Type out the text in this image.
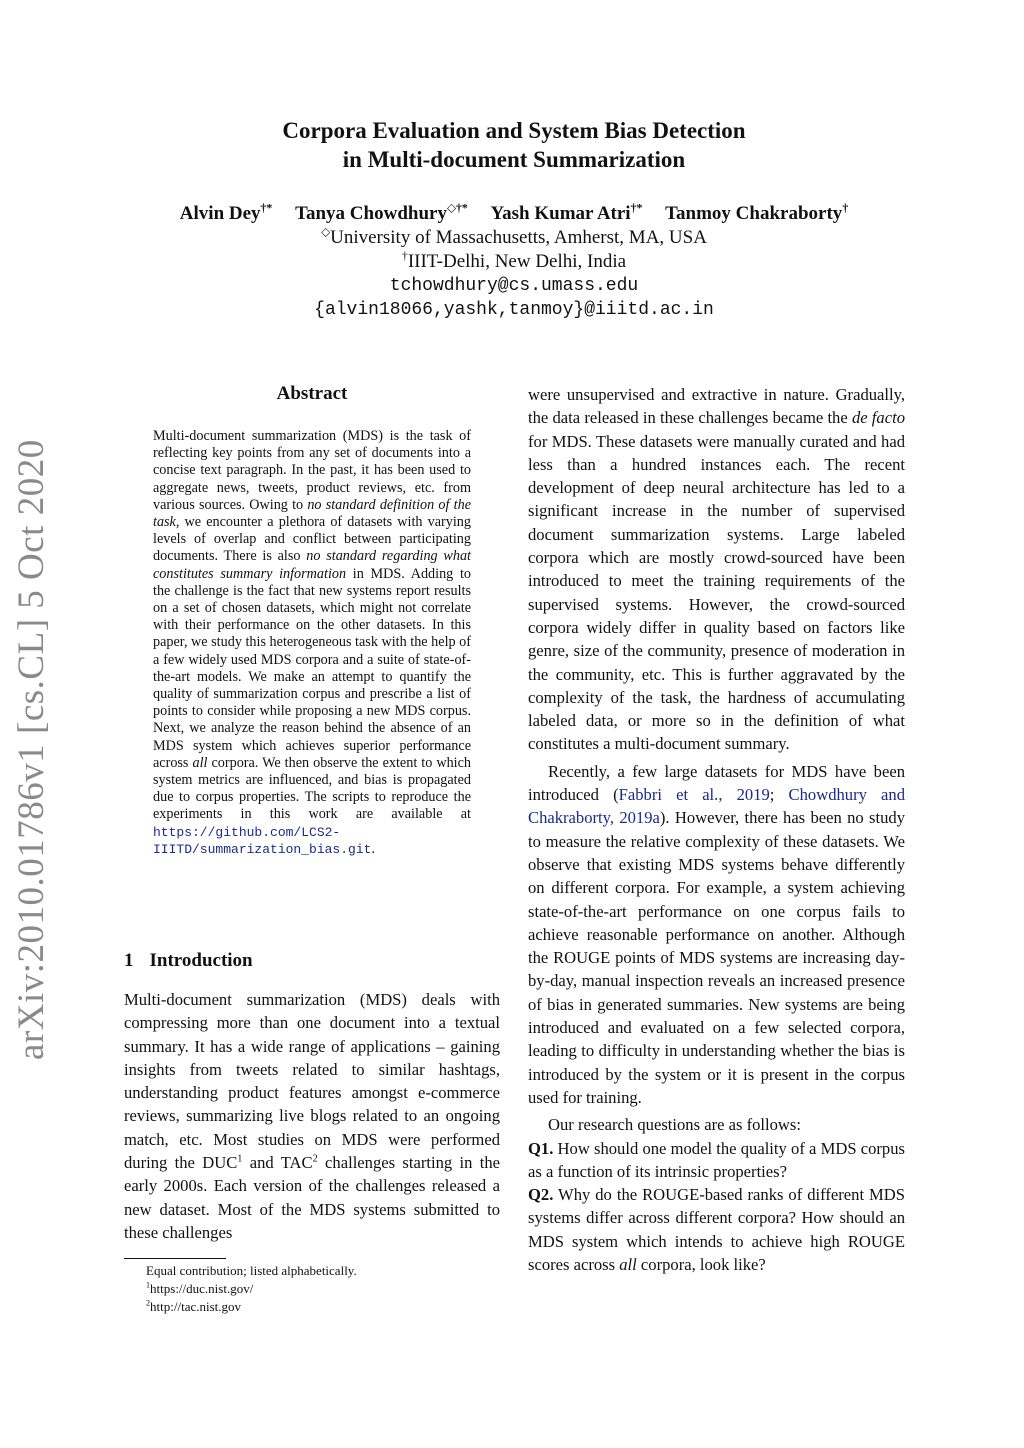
arXiv:2010.01786v1 [cs.CL] 5 Oct 2020
Corpora Evaluation and System Bias Detection
in Multi-document Summarization
Alvin Dey†* Tanya Chowdhury◇†* Yash Kumar Atri†* Tanmoy Chakraborty†
◇University of Massachusetts, Amherst, MA, USA
†IIIT-Delhi, New Delhi, India
tchowdhury@cs.umass.edu
{alvin18066,yashk,tanmoy}@iiitd.ac.in
Abstract
Multi-document summarization (MDS) is the task of reflecting key points from any set of documents into a concise text paragraph. In the past, it has been used to aggregate news, tweets, product reviews, etc. from various sources. Owing to no standard definition of the task, we encounter a plethora of datasets with varying levels of overlap and conflict between participating documents. There is also no standard regarding what constitutes summary information in MDS. Adding to the challenge is the fact that new systems report results on a set of chosen datasets, which might not correlate with their performance on the other datasets. In this paper, we study this heterogeneous task with the help of a few widely used MDS corpora and a suite of state-of-the-art models. We make an attempt to quantify the quality of summarization corpus and prescribe a list of points to consider while proposing a new MDS corpus. Next, we analyze the reason behind the absence of an MDS system which achieves superior performance across all corpora. We then observe the extent to which system metrics are influenced, and bias is propagated due to corpus properties. The scripts to reproduce the experiments in this work are available at https://github.com/LCS2-IIITD/summarization_bias.git.
1 Introduction
Multi-document summarization (MDS) deals with compressing more than one document into a textual summary. It has a wide range of applications – gaining insights from tweets related to similar hashtags, understanding product features amongst e-commerce reviews, summarizing live blogs related to an ongoing match, etc. Most studies on MDS were performed during the DUC$^1$ and TAC$^2$ challenges starting in the early 2000s. Each version of the challenges released a new dataset. Most of the MDS systems submitted to these challenges
Equal contribution; listed alphabetically.
$^1$https://duc.nist.gov/
$^2$http://tac.nist.gov

were unsupervised and extractive in nature. Gradually, the data released in these challenges became the de facto for MDS. These datasets were manually curated and had less than a hundred instances each. The recent development of deep neural architecture has led to a significant increase in the number of supervised document summarization systems. Large labeled corpora which are mostly crowd-sourced have been introduced to meet the training requirements of the supervised systems. However, the crowd-sourced corpora widely differ in quality based on factors like genre, size of the community, presence of moderation in the community, etc. This is further aggravated by the complexity of the task, the hardness of accumulating labeled data, or more so in the definition of what constitutes a multi-document summary.

Recently, a few large datasets for MDS have been introduced (Fabbri et al., 2019; Chowdhury and Chakraborty, 2019a). However, there has been no study to measure the relative complexity of these datasets. We observe that existing MDS systems behave differently on different corpora. For example, a system achieving state-of-the-art performance on one corpus fails to achieve reasonable performance on another. Although the ROUGE points of MDS systems are increasing day-by-day, manual inspection reveals an increased presence of bias in generated summaries. New systems are being introduced and evaluated on a few selected corpora, leading to difficulty in understanding whether the bias is introduced by the system or it is present in the corpus used for training.

Our research questions are as follows:

Q1. How should one model the quality of a MDS corpus as a function of its intrinsic properties?

Q2. Why do the ROUGE-based ranks of different MDS systems differ across different corpora? How should an MDS system which intends to achieve high ROUGE scores across all corpora, look like?
